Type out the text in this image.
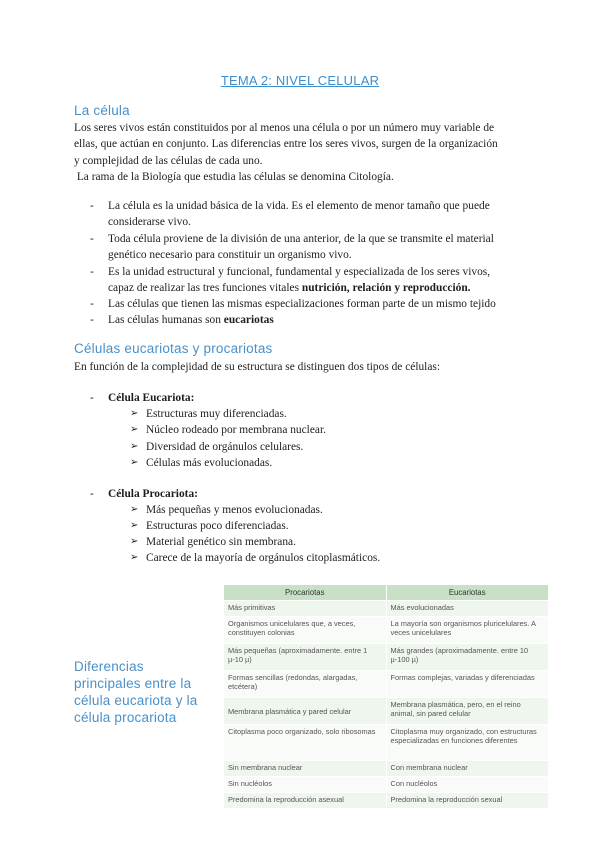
TEMA 2: NIVEL CELULAR
La célula
Los seres vivos están constituidos por al menos una célula o por un número muy variable de
ellas, que actúan en conjunto. Las diferencias entre los seres vivos, surgen de la organización
y complejidad de las células de cada uno.
La rama de la Biología que estudia las células se denomina Citología.
- La célula es la unidad básica de la vida. Es el elemento de menor tamaño que puede
considerarse vivo.
- Toda célula proviene de la división de una anterior, de la que se transmite el material
genético necesario para constituir un organismo vivo.
- Es la unidad estructural y funcional, fundamental y especializada de los seres vivos,
capaz de realizar las tres funciones vitales nutrición, relación y reproducción.
- Las células que tienen las mismas especializaciones forman parte de un mismo tejido
- Las células humanas son eucariotas
Células eucariotas y procariotas
En función de la complejidad de su estructura se distinguen dos tipos de células:
- Célula Eucariota:
➢ Estructuras muy diferenciadas.
➢ Núcleo rodeado por membrana nuclear.
➢ Diversidad de orgánulos celulares.
➢ Células más evolucionadas.
- Célula Procariota:
➢ Más pequeñas y menos evolucionadas.
➢ Estructuras poco diferenciadas.
➢ Material genético sin membrana.
➢ Carece de la mayoría de orgánulos citoplasmáticos.
Diferencias principales entre la célula eucariota y la célula procariota
Procariotas	Eucariotas
Más primitivas	Más evolucionadas
Organismos unicelulares que, a veces, constituyen colonias	La mayoría son organismos pluricelulares. A veces unicelulares
Más pequeñas (aproximadamente. entre 1 µ-10 µ)	Más grandes (aproximadamente. entre 10 µ-100 µ)
Formas sencillas (redondas, alargadas, etcétera)	Formas complejas, variadas y diferenciadas
Membrana plasmática y pared celular	Membrana plasmática, pero, en el reino animal, sin pared celular
Citoplasma poco organizado, solo ribosomas	Citoplasma muy organizado, con estructuras especializadas en funciones diferentes
Sin membrana nuclear	Con membrana nuclear
Sin nucléolos	Con nucléolos
Predomina la reproducción asexual	Predomina la reproducción sexual
